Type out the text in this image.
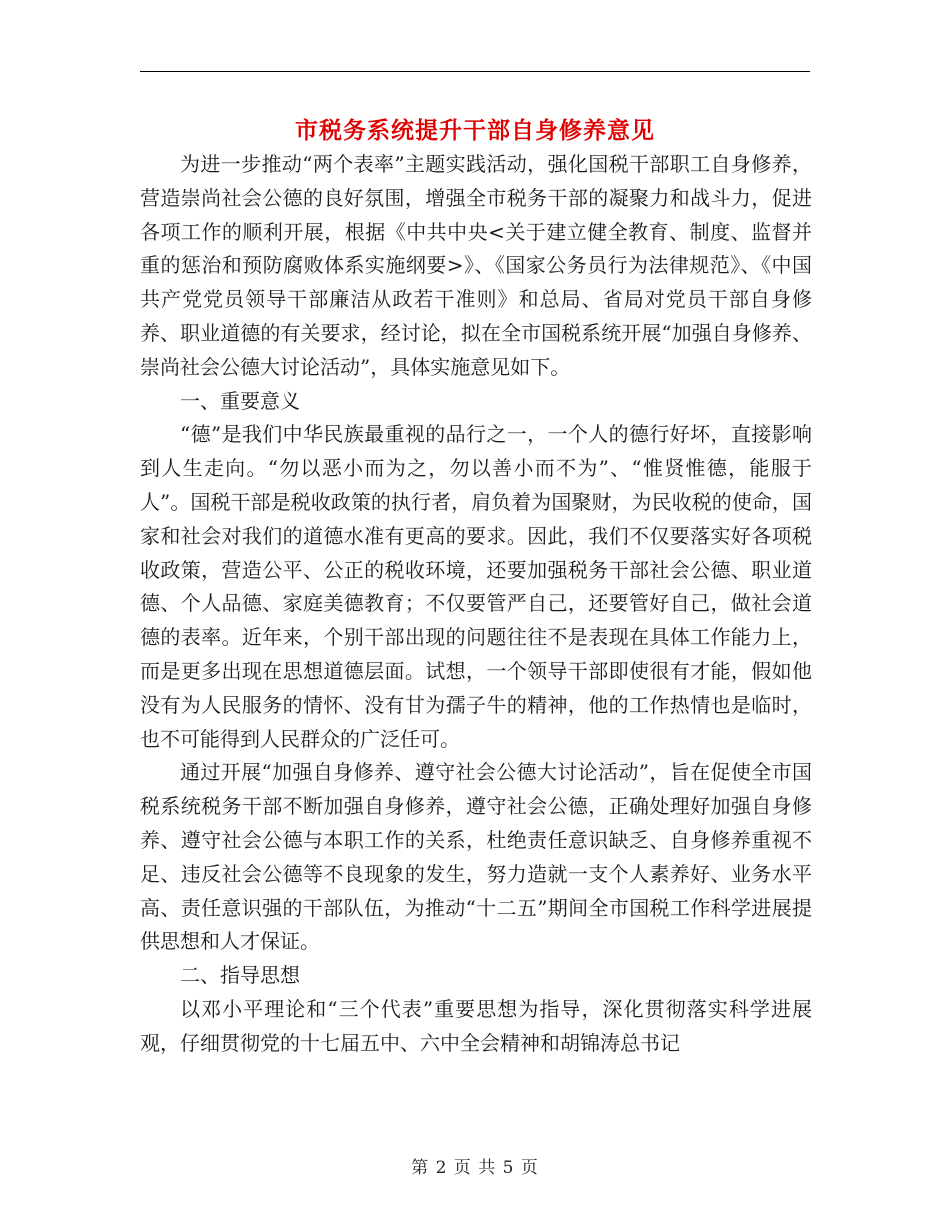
市税务系统提升干部自身修养意见

为进一步推动“两个表率”主题实践活动，强化国税干部职工自身修养，营造崇尚社会公德的良好氛围，增强全市税务干部的凝聚力和战斗力，促进各项工作的顺利开展，根据《中共中央<关于建立健全教育、制度、监督并重的惩治和预防腐败体系实施纲要>》、《国家公务员行为法律规范》、《中国共产党党员领导干部廉洁从政若干准则》和总局、省局对党员干部自身修养、职业道德的有关要求，经讨论，拟在全市国税系统开展“加强自身修养、崇尚社会公德大讨论活动”，具体实施意见如下。

一、重要意义

“德”是我们中华民族最重视的品行之一，一个人的德行好坏，直接影响到人生走向。“勿以恶小而为之，勿以善小而不为”、“惟贤惟德，能服于人”。国税干部是税收政策的执行者，肩负着为国聚财，为民收税的使命，国家和社会对我们的道德水准有更高的要求。因此，我们不仅要落实好各项税收政策，营造公平、公正的税收环境，还要加强税务干部社会公德、职业道德、个人品德、家庭美德教育；不仅要管严自己，还要管好自己，做社会道德的表率。近年来，个别干部出现的问题往往不是表现在具体工作能力上，而是更多出现在思想道德层面。试想，一个领导干部即使很有才能，假如他没有为人民服务的情怀、没有甘为孺子牛的精神，他的工作热情也是临时，也不可能得到人民群众的广泛任可。

通过开展“加强自身修养、遵守社会公德大讨论活动”，旨在促使全市国税系统税务干部不断加强自身修养，遵守社会公德，正确处理好加强自身修养、遵守社会公德与本职工作的关系，杜绝责任意识缺乏、自身修养重视不足、违反社会公德等不良现象的发生，努力造就一支个人素养好、业务水平高、责任意识强的干部队伍，为推动“十二五”期间全市国税工作科学进展提供思想和人才保证。

二、指导思想

以邓小平理论和“三个代表”重要思想为指导，深化贯彻落实科学进展观，仔细贯彻党的十七届五中、六中全会精神和胡锦涛总书记

第 2 页 共 5 页
